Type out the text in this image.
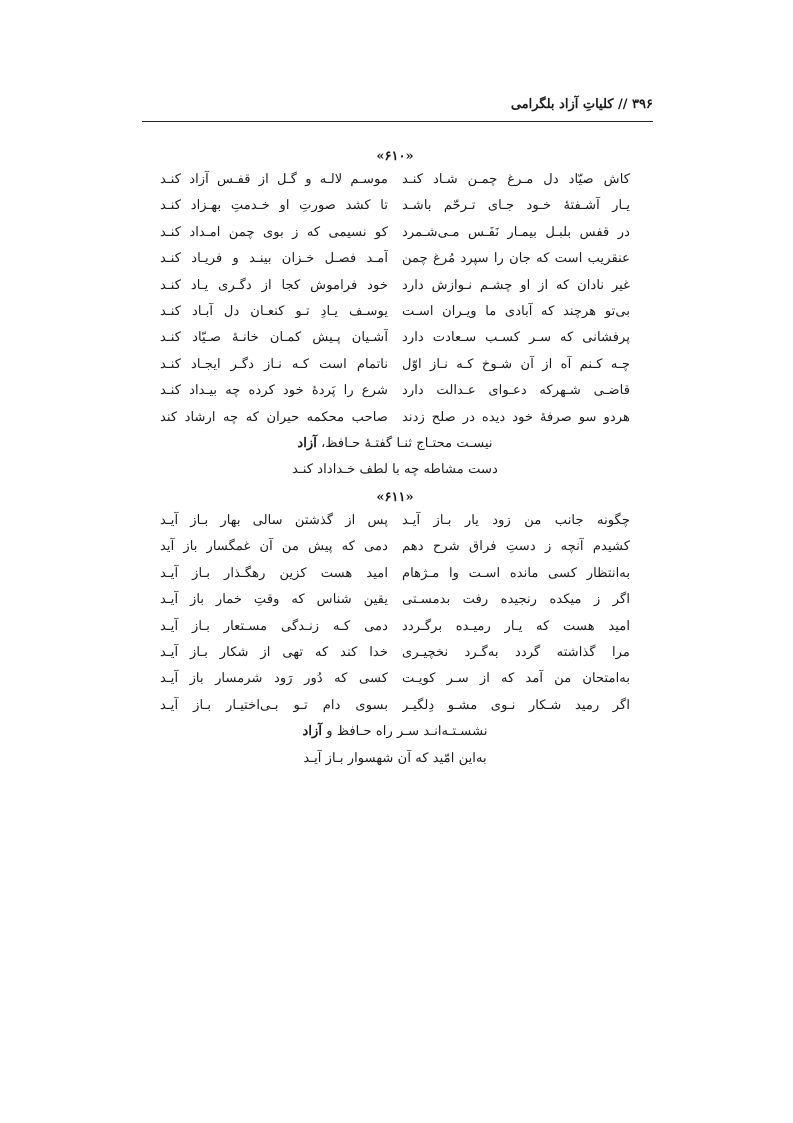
۳۹۶ // کلیاتِ آزاد بلگرامی
«۶۱۰»
کاش صیّاد دل مـرغ چمـن شـاد کنـد
موسـم لالـه و گـل از قفـس آزاد کنـد
یـار آشـفتهٔ خـود جـای تـرحّم باشـد
تا کشد صورتِ او خـدمتِ بهـزاد کنـد
در قفس بلبـل بیمـار نَفَـس مـی‌شـمرد
کو نسیمی که ز بوی چمن امـداد کنـد
عنقریب است که جان را سپرد مُرغ چمن
آمـد فصـل خـزان بینـد و فریـاد کنـد
غیر نادان که از او چشـم نـوازش دارد
خود فراموش کجا از دگـری یـاد کنـد
بی‌تو هرچند که آبادی ما ویـران اسـت
یوسـف یـادِ تـو کنعـان دل آبـاد کنـد
پرفشانی که سـر کسـب سـعادت دارد
آشـیان پـیش کمـان خانـهٔ صـیّاد کنـد
چـه کـنم آه از آن شـوخ کـه نـاز اوّل
ناتمام است کـه نـاز دگـر ایجـاد کنـد
قاضـی شـهرکه دعـوای عـدالت دارد
شرع را پَردهٔ خود کرده چه بیـداد کنـد
هردو سو صرفهٔ خود دیده در صلح زدند
صاحب محکمه حیران که چه ارشاد کند
نیسـت محتـاج ثنـا گفتـهٔ حـافظ، آزاد
دست مشاطه چه با لطف خـداداد کنـد
«۶۱۱»
چگونه جانب من زود یار بـاز آیـد
پس از گذشتن سالی بهار بـاز آیـد
کشیدم آنچه ز دستِ فراق شرح دهم
دمی که پیش من آن غمگسار باز آید
به‌انتظار کسی مانده اسـت وا مـژهام
امید هست کزین رهگـذار بـاز آیـد
اگر ز میکده رنجیده رفت بدمسـتی
یقین شناس که وقتِ خمار باز آیـد
امید هست که یـار رمیـده برگـردد
دمی کـه زنـدگی مسـتعار بـاز آیـد
مرا گذاشته گردد به‌گـرد نخچیـری
خدا کند که تهی از شکار بـاز آیـد
به‌امتحان من آمد که از سـر کویـت
کسی که دُور رَود شرمسار باز آیـد
اگر رمید شـکار نـوی مشـو دِلگیـر
بسوی دام تـو بـی‌اختیـار بـاز آیـد
نشسـتـه‌انـد سـر راه حـافظ و آزاد
به‌این امّید که آن شهسوار بـاز آیـد
